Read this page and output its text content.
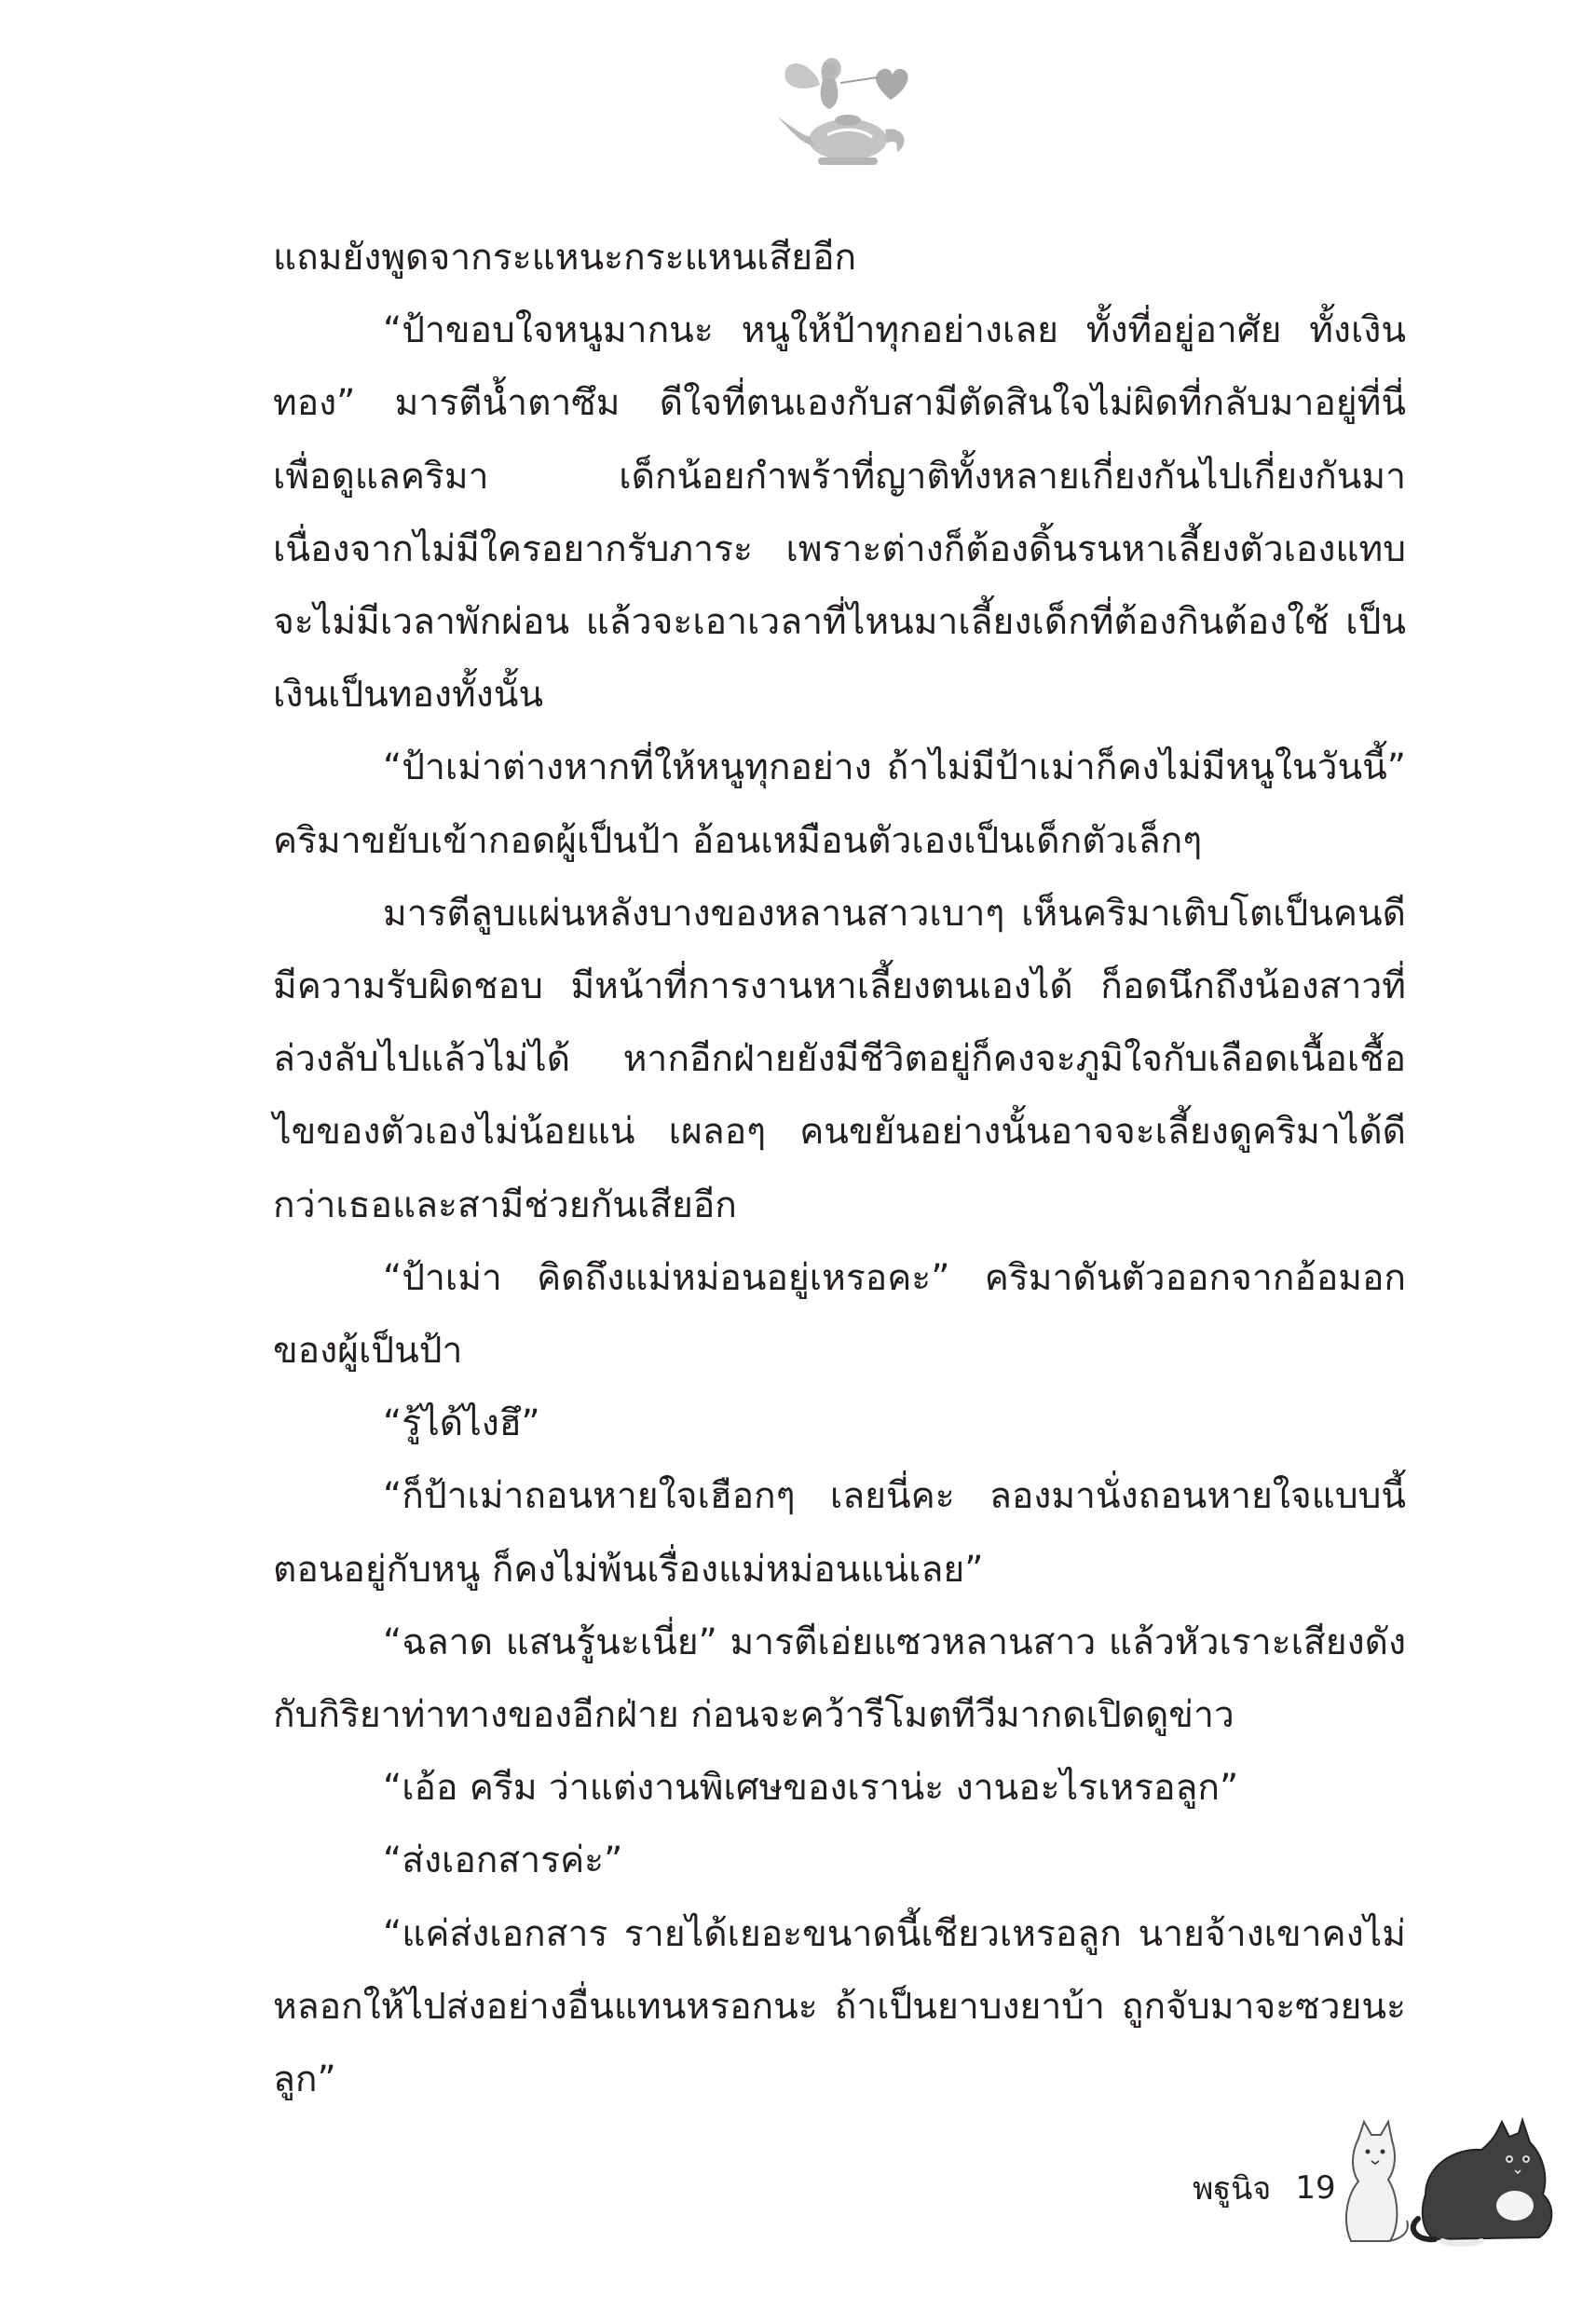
แถมยังพูดจากระแหนะกระแหนเสียอีก

“ป้าขอบใจหนูมากนะ หนูให้ป้าทุกอย่างเลย ทั้งที่อยู่อาศัย ทั้งเงินทอง” มารตีน้ำตาซึม ดีใจที่ตนเองกับสามีตัดสินใจไม่ผิดที่กลับมาอยู่ที่นี่เพื่อดูแลคริมา เด็กน้อยกำพร้าที่ญาติทั้งหลายเกี่ยงกันไปเกี่ยงกันมา เนื่องจากไม่มีใครอยากรับภาระ เพราะต่างก็ต้องดิ้นรนหาเลี้ยงตัวเองแทบจะไม่มีเวลาพักผ่อน แล้วจะเอาเวลาที่ไหนมาเลี้ยงเด็กที่ต้องกินต้องใช้ เป็นเงินเป็นทองทั้งนั้น

“ป้าเม่าต่างหากที่ให้หนูทุกอย่าง ถ้าไม่มีป้าเม่าก็คงไม่มีหนูในวันนี้” คริมาขยับเข้ากอดผู้เป็นป้า อ้อนเหมือนตัวเองเป็นเด็กตัวเล็กๆ

มารตีลูบแผ่นหลังบางของหลานสาวเบาๆ เห็นคริมาเติบโตเป็นคนดี มีความรับผิดชอบ มีหน้าที่การงานหาเลี้ยงตนเองได้ ก็อดนึกถึงน้องสาวที่ล่วงลับไปแล้วไม่ได้ หากอีกฝ่ายยังมีชีวิตอยู่ก็คงจะภูมิใจกับเลือดเนื้อเชื้อไขของตัวเองไม่น้อยแน่ เผลอๆ คนขยันอย่างนั้นอาจจะเลี้ยงดูคริมาได้ดีกว่าเธอและสามีช่วยกันเสียอีก

“ป้าเม่า คิดถึงแม่หม่อนอยู่เหรอคะ” คริมาดันตัวออกจากอ้อมอกของผู้เป็นป้า

“รู้ได้ไงฮึ”

“ก็ป้าเม่าถอนหายใจเฮือกๆ เลยนี่คะ ลองมานั่งถอนหายใจแบบนี้ตอนอยู่กับหนู ก็คงไม่พ้นเรื่องแม่หม่อนแน่เลย”

“ฉลาด แสนรู้นะเนี่ย” มารตีเอ่ยแซวหลานสาว แล้วหัวเราะเสียงดังกับกิริยาท่าทางของอีกฝ่าย ก่อนจะคว้ารีโมตทีวีมากดเปิดดูข่าว

“เอ้อ ครีม ว่าแต่งานพิเศษของเราน่ะ งานอะไรเหรอลูก”

“ส่งเอกสารค่ะ”

“แค่ส่งเอกสาร รายได้เยอะขนาดนี้เชียวเหรอลูก นายจ้างเขาคงไม่หลอกให้ไปส่งอย่างอื่นแทนหรอกนะ ถ้าเป็นยาบงยาบ้า ถูกจับมาจะซวยนะลูก”

พฐูนิจ 19
